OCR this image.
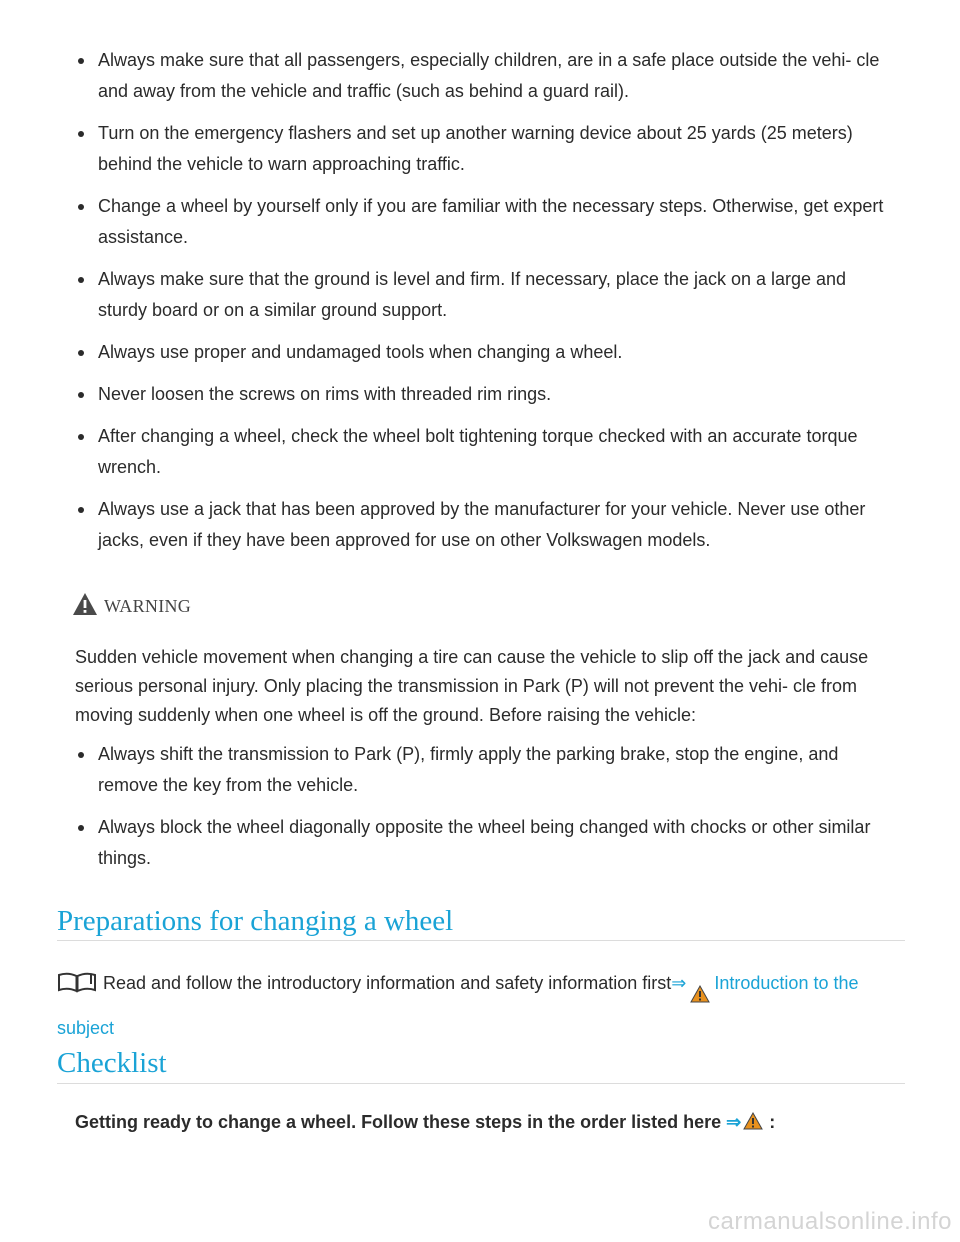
Always make sure that all passengers, especially children, are in a safe place outside the vehi- cle and away from the vehicle and traffic (such as behind a guard rail).
Turn on the emergency flashers and set up another warning device about 25 yards (25 meters) behind the vehicle to warn approaching traffic.
Change a wheel by yourself only if you are familiar with the necessary steps. Otherwise, get expert assistance.
Always make sure that the ground is level and firm. If necessary, place the jack on a large and sturdy board or on a similar ground support.
Always use proper and undamaged tools when changing a wheel.
Never loosen the screws on rims with threaded rim rings.
After changing a wheel, check the wheel bolt tightening torque checked with an accurate torque wrench.
Always use a jack that has been approved by the manufacturer for your vehicle. Never use other jacks, even if they have been approved for use on other Volkswagen models.
WARNING

Sudden vehicle movement when changing a tire can cause the vehicle to slip off the jack and cause serious personal injury. Only placing the transmission in Park (P) will not prevent the vehi- cle from moving suddenly when one wheel is off the ground. Before raising the vehicle:

Always shift the transmission to Park (P), firmly apply the parking brake, stop the engine, and remove the key from the vehicle.
Always block the wheel diagonally opposite the wheel being changed with chocks or other similar things.
Preparations for changing a wheel
Read and follow the introductory information and safety information first⇒ Introduction to the subject
Checklist
Getting ready to change a wheel. Follow these steps in the order listed here ⇒ :
carmanualsonline.info
